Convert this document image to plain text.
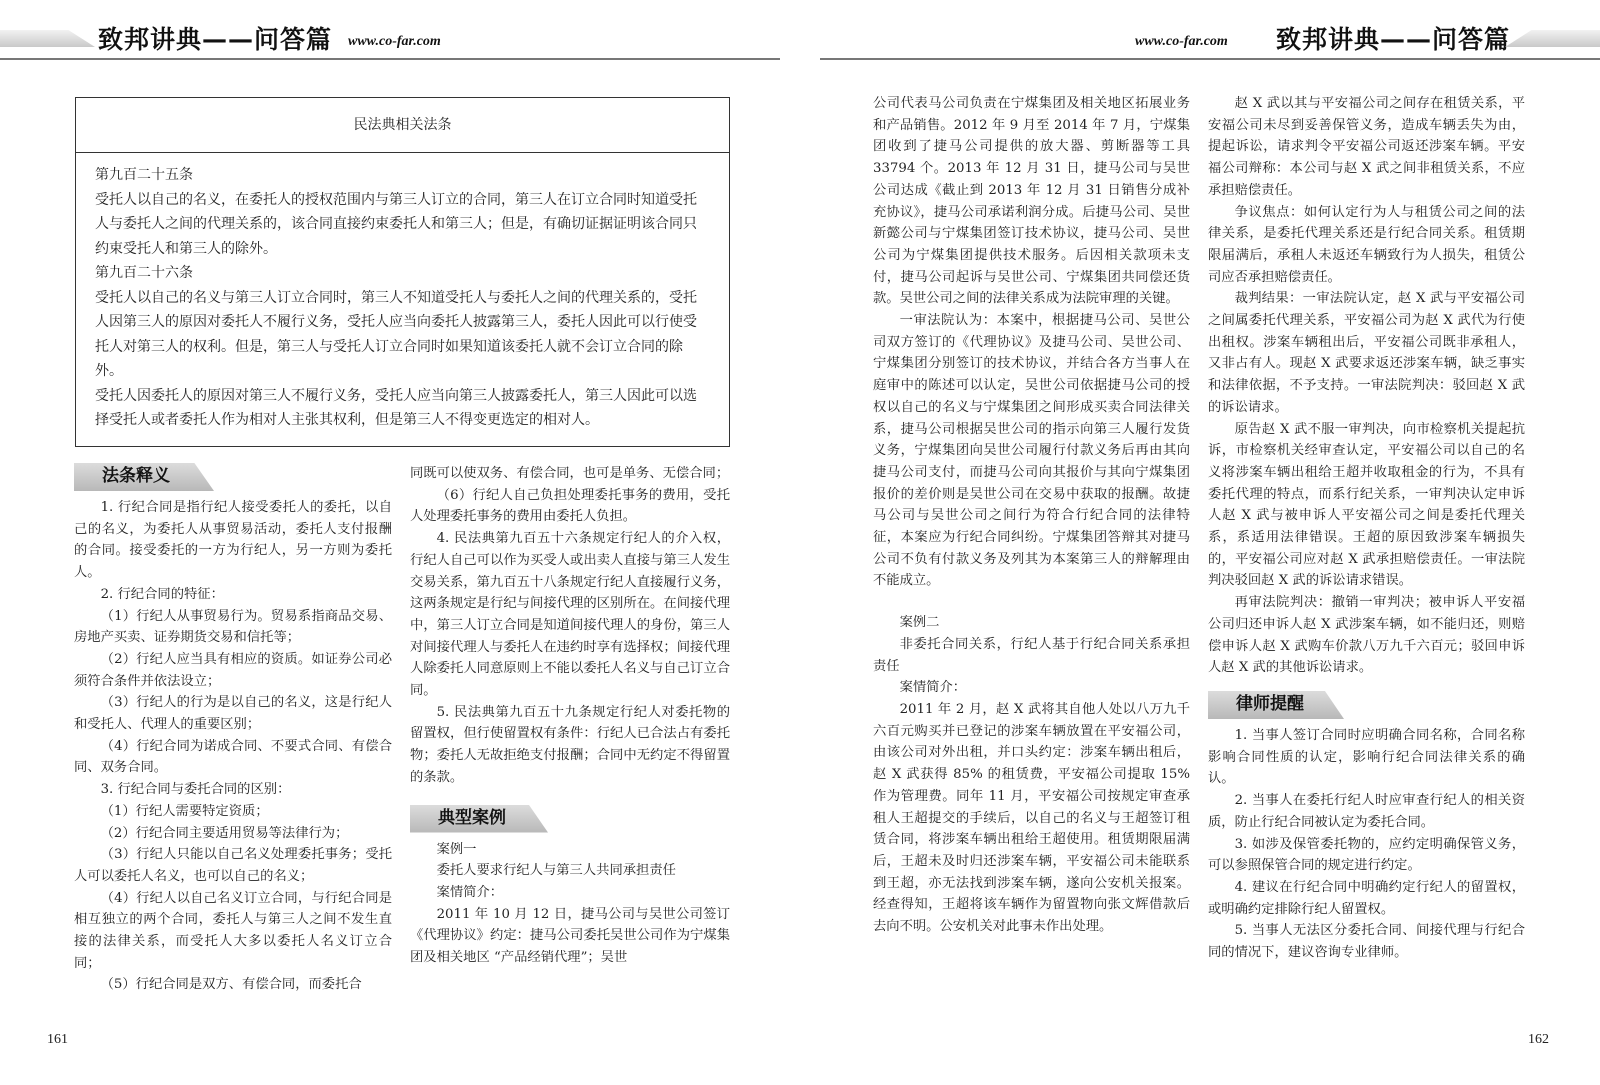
致邦讲典——问答篇 www.co-far.com	www.co-far.com 致邦讲典——问答篇
民法典相关法条

第九百二十五条

受托人以自己的名义，在委托人的授权范围内与第三人订立的合同，第三人在订立合同时知道受托人与委托人之间的代理关系的，该合同直接约束委托人和第三人；但是，有确切证据证明该合同只约束受托人和第三人的除外。

第九百二十六条

受托人以自己的名义与第三人订立合同时，第三人不知道受托人与委托人之间的代理关系的，受托人因第三人的原因对委托人不履行义务，受托人应当向委托人披露第三人，委托人因此可以行使受托人对第三人的权利。但是，第三人与受托人订立合同时如果知道该委托人就不会订立合同的除外。

受托人因委托人的原因对第三人不履行义务，受托人应当向第三人披露委托人，第三人因此可以选择受托人或者委托人作为相对人主张其权利，但是第三人不得变更选定的相对人。

法条释义

1. 行纪合同是指行纪人接受委托人的委托，以自己的名义，为委托人从事贸易活动，委托人支付报酬的合同。接受委托的一方为行纪人，另一方则为委托人。

2. 行纪合同的特征：

（1）行纪人从事贸易行为。贸易系指商品交易、房地产买卖、证券期货交易和信托等；

（2）行纪人应当具有相应的资质。如证券公司必须符合条件并依法设立；

（3）行纪人的行为是以自己的名义，这是行纪人和受托人、代理人的重要区别；

（4）行纪合同为诺成合同、不要式合同、有偿合同、双务合同。

3. 行纪合同与委托合同的区别：

（1）行纪人需要特定资质；

（2）行纪合同主要适用贸易等法律行为；

（3）行纪人只能以自己名义处理委托事务；受托人可以委托人名义，也可以自己的名义；

（4）行纪人以自己名义订立合同，与行纪合同是相互独立的两个合同，委托人与第三人之间不发生直接的法律关系，而受托人大多以委托人名义订立合同；

（5）行纪合同是双方、有偿合同，而委托合

同既可以使双务、有偿合同，也可是单务、无偿合同；

（6）行纪人自己负担处理委托事务的费用，受托人处理委托事务的费用由委托人负担。

4. 民法典第九百五十六条规定行纪人的介入权，行纪人自己可以作为买受人或出卖人直接与第三人发生交易关系，第九百五十八条规定行纪人直接履行义务，这两条规定是行纪与间接代理的区别所在。在间接代理中，第三人订立合同是知道间接代理人的身份，第三人对间接代理人与委托人在违约时享有选择权；间接代理人除委托人同意原则上不能以委托人名义与自己订立合同。

5. 民法典第九百五十九条规定行纪人对委托物的留置权，但行使留置权有条件：行纪人已合法占有委托物；委托人无故拒绝支付报酬；合同中无约定不得留置的条款。

典型案例

案例一

委托人要求行纪人与第三人共同承担责任

案情简介：

2011 年 10 月 12 日，捷马公司与吴世公司签订《代理协议》约定：捷马公司委托吴世公司作为宁煤集团及相关地区 “产品经销代理”；吴世

公司代表马公司负责在宁煤集团及相关地区拓展业务和产品销售。2012 年 9 月至 2014 年 7 月，宁煤集团收到了捷马公司提供的放大器、剪断器等工具 33794 个。2013 年 12 月 31 日，捷马公司与吴世公司达成《截止到 2013 年 12 月 31 日销售分成补充协议》，捷马公司承诺利润分成。后捷马公司、吴世新懿公司与宁煤集团签订技术协议，捷马公司、吴世公司为宁煤集团提供技术服务。后因相关款项未支付，捷马公司起诉与吴世公司、宁煤集团共同偿还货款。吴世公司之间的法律关系成为法院审理的关键。

一审法院认为：本案中，根据捷马公司、吴世公司双方签订的《代理协议》及捷马公司、吴世公司、宁煤集团分别签订的技术协议，并结合各方当事人在庭审中的陈述可以认定，吴世公司依据捷马公司的授权以自己的名义与宁煤集团之间形成买卖合同法律关系，捷马公司根据吴世公司的指示向第三人履行发货义务，宁煤集团向吴世公司履行付款义务后再由其向捷马公司支付，而捷马公司向其报价与其向宁煤集团报价的差价则是吴世公司在交易中获取的报酬。故捷马公司与吴世公司之间行为符合行纪合同的法律特征，本案应为行纪合同纠纷。宁煤集团答辩其对捷马公司不负有付款义务及列其为本案第三人的辩解理由不能成立。

案例二

非委托合同关系，行纪人基于行纪合同关系承担责任

案情简介：

2011 年 2 月，赵 X 武将其自他人处以八万九千六百元购买并已登记的涉案车辆放置在平安福公司，由该公司对外出租，并口头约定：涉案车辆出租后，赵 X 武获得 85% 的租赁费，平安福公司提取 15% 作为管理费。同年 11 月，平安福公司按规定审查承租人王超提交的手续后，以自己的名义与王超签订租赁合同，将涉案车辆出租给王超使用。租赁期限届满后，王超未及时归还涉案车辆，平安福公司未能联系到王超，亦无法找到涉案车辆，遂向公安机关报案。经查得知，王超将该车辆作为留置物向张文辉借款后去向不明。公安机关对此事未作出处理。

赵 X 武以其与平安福公司之间存在租赁关系，平安福公司未尽到妥善保管义务，造成车辆丢失为由，提起诉讼，请求判令平安福公司返还涉案车辆。平安福公司辩称：本公司与赵 X 武之间非租赁关系，不应承担赔偿责任。

争议焦点：如何认定行为人与租赁公司之间的法律关系，是委托代理关系还是行纪合同关系。租赁期限届满后，承租人未返还车辆致行为人损失，租赁公司应否承担赔偿责任。

裁判结果：一审法院认定，赵 X 武与平安福公司之间属委托代理关系，平安福公司为赵 X 武代为行使出租权。涉案车辆租出后，平安福公司既非承租人，又非占有人。现赵 X 武要求返还涉案车辆，缺乏事实和法律依据，不予支持。一审法院判决：驳回赵 X 武的诉讼请求。

原告赵 X 武不服一审判决，向市检察机关提起抗诉，市检察机关经审查认定，平安福公司以自己的名义将涉案车辆出租给王超并收取租金的行为，不具有委托代理的特点，而系行纪关系，一审判决认定申诉人赵 X 武与被申诉人平安福公司之间是委托代理关系，系适用法律错误。王超的原因致涉案车辆损失的，平安福公司应对赵 X 武承担赔偿责任。一审法院判决驳回赵 X 武的诉讼请求错误。

再审法院判决：撤销一审判决；被申诉人平安福公司归还申诉人赵 X 武涉案车辆，如不能归还，则赔偿申诉人赵 X 武购车价款八万九千六百元；驳回申诉人赵 X 武的其他诉讼请求。

律师提醒

1. 当事人签订合同时应明确合同名称，合同名称影响合同性质的认定，影响行纪合同法律关系的确认。

2. 当事人在委托行纪人时应审查行纪人的相关资质，防止行纪合同被认定为委托合同。

3. 如涉及保管委托物的，应约定明确保管义务，可以参照保管合同的规定进行约定。

4. 建议在行纪合同中明确约定行纪人的留置权，或明确约定排除行纪人留置权。

5. 当事人无法区分委托合同、间接代理与行纪合同的情况下，建议咨询专业律师。

161	162
